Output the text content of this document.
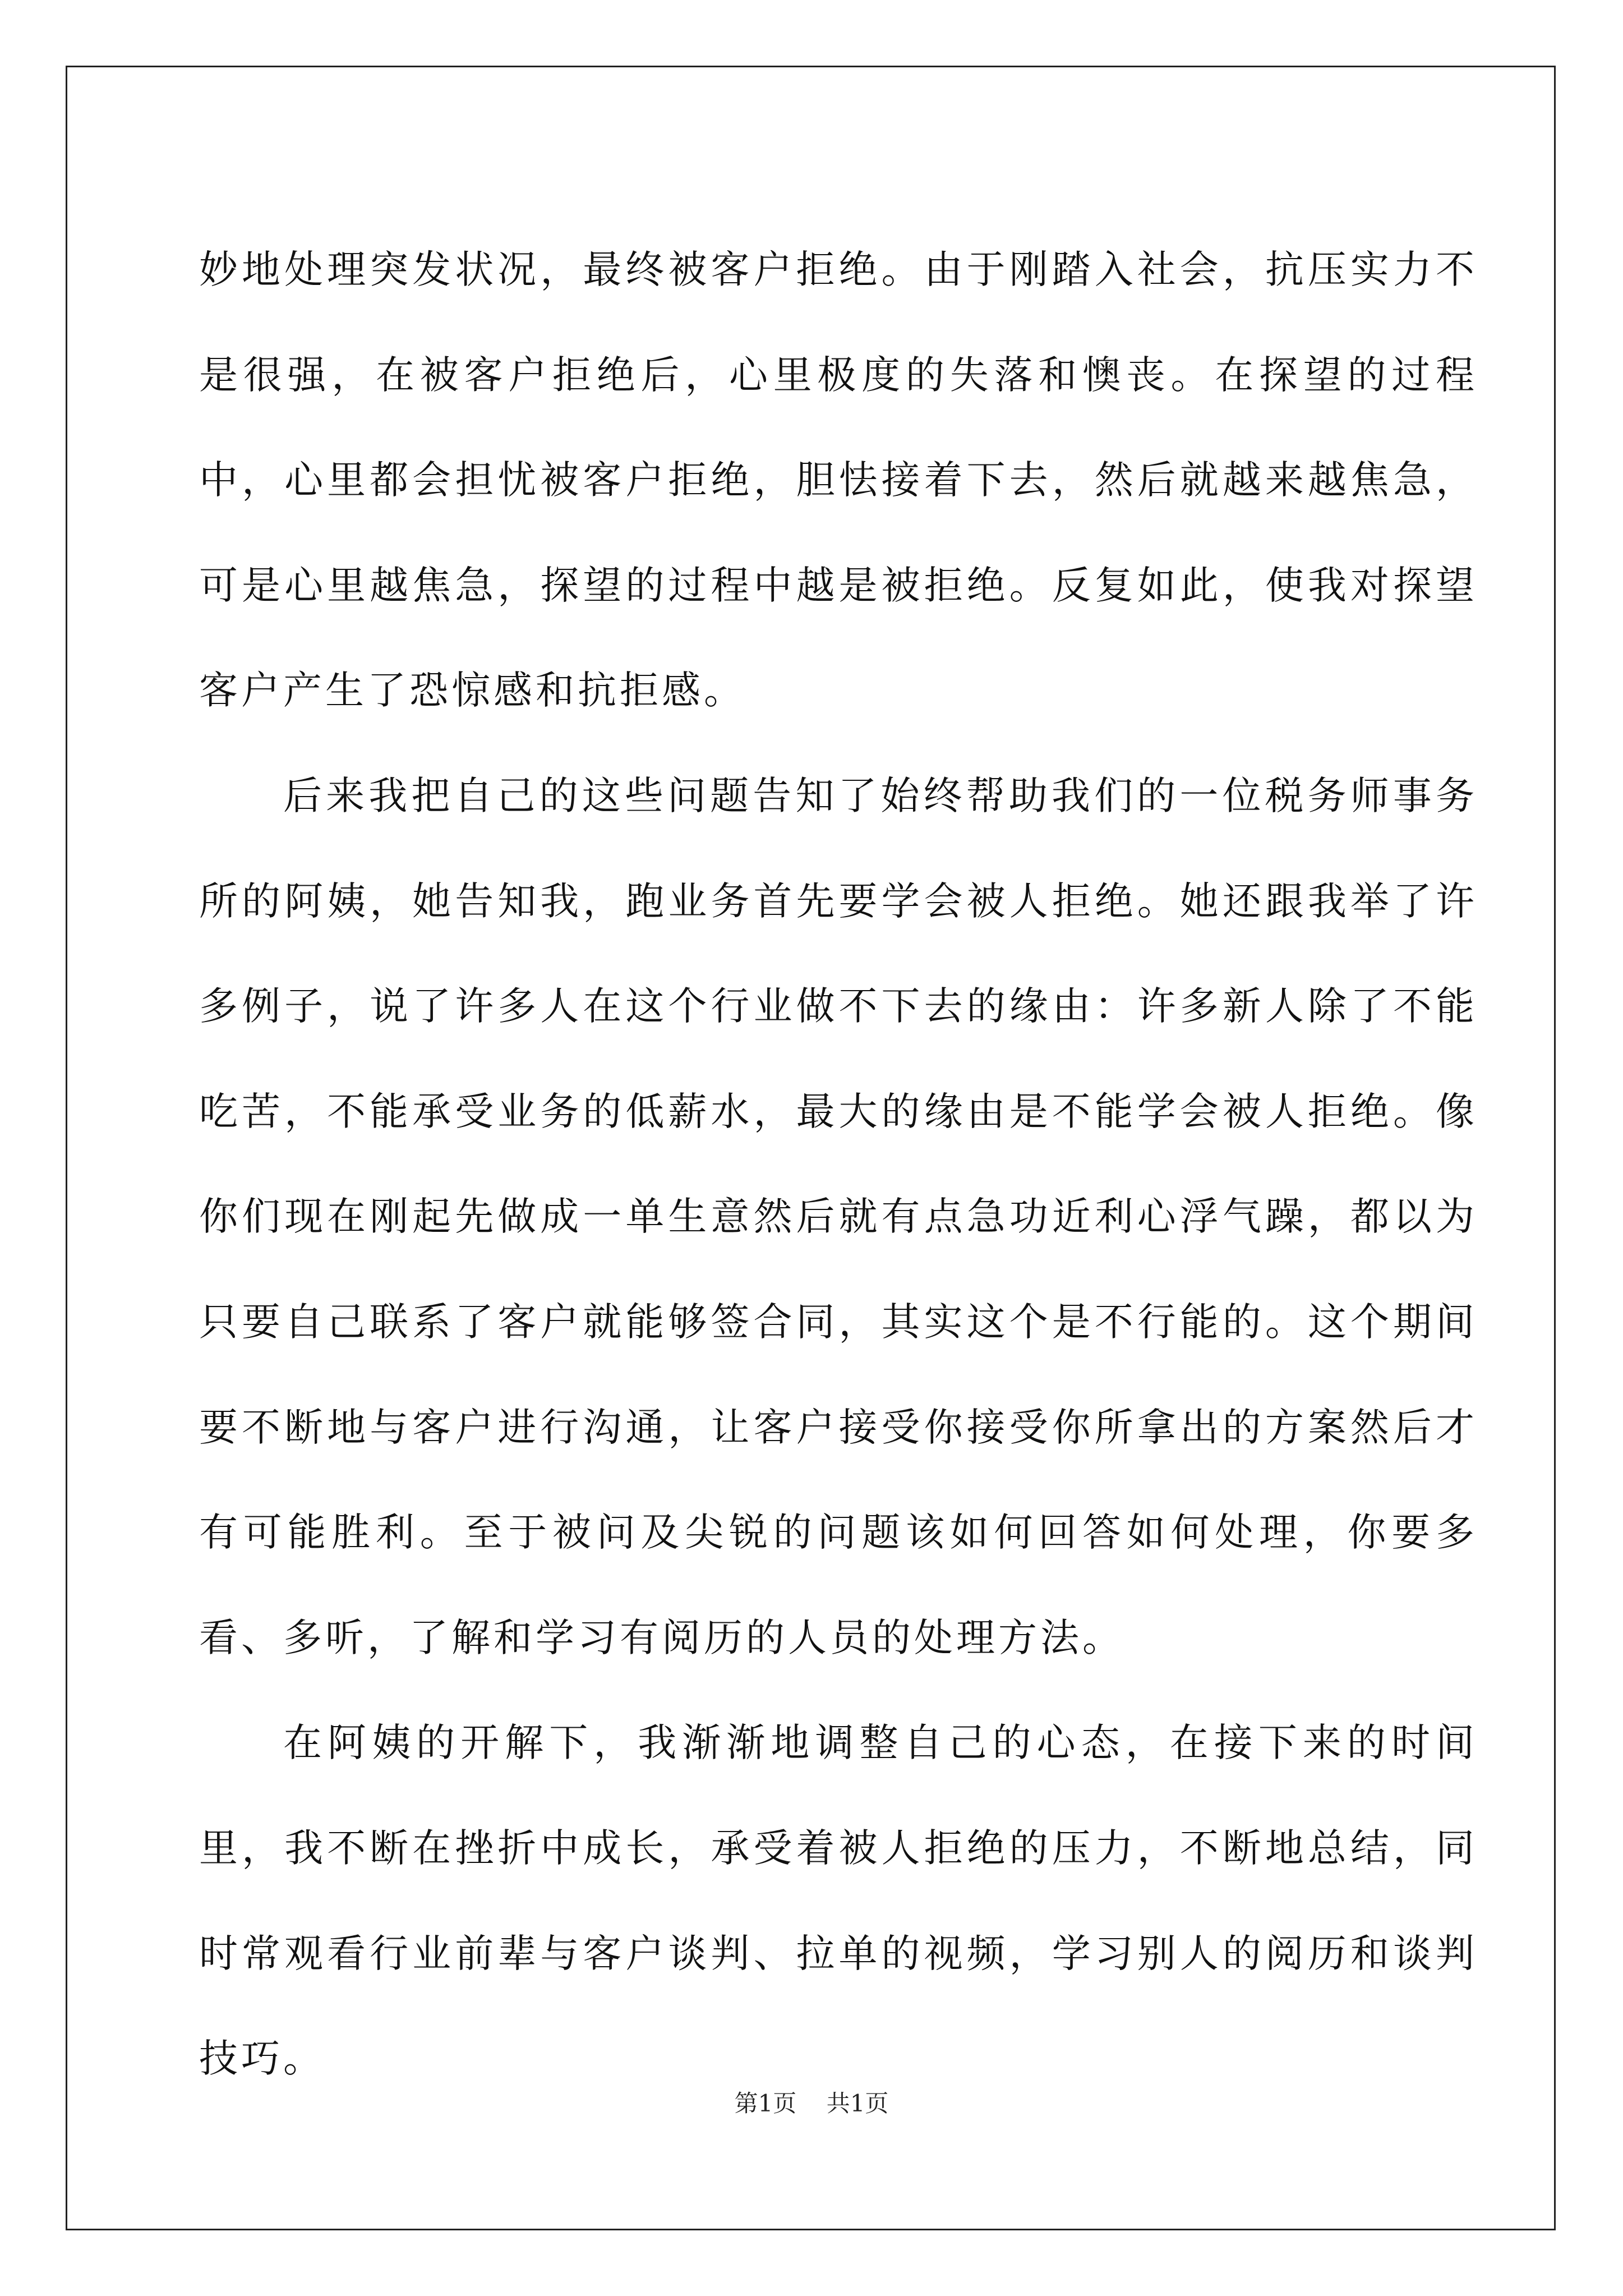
妙地处理突发状况，最终被客户拒绝。由于刚踏入社会，抗压实力不是很强，在被客户拒绝后，心里极度的失落和懊丧。在探望的过程中，心里都会担忧被客户拒绝，胆怯接着下去，然后就越来越焦急，可是心里越焦急，探望的过程中越是被拒绝。反复如此，使我对探望客户产生了恐惊感和抗拒感。

后来我把自己的这些问题告知了始终帮助我们的一位税务师事务所的阿姨，她告知我，跑业务首先要学会被人拒绝。她还跟我举了许多例子，说了许多人在这个行业做不下去的缘由：许多新人除了不能吃苦，不能承受业务的低薪水，最大的缘由是不能学会被人拒绝。像你们现在刚起先做成一单生意然后就有点急功近利心浮气躁，都以为只要自己联系了客户就能够签合同，其实这个是不行能的。这个期间要不断地与客户进行沟通，让客户接受你接受你所拿出的方案然后才有可能胜利。至于被问及尖锐的问题该如何回答如何处理，你要多看、多听，了解和学习有阅历的人员的处理方法。

在阿姨的开解下，我渐渐地调整自己的心态，在接下来的时间里，我不断在挫折中成长，承受着被人拒绝的压力，不断地总结，同时常观看行业前辈与客户谈判、拉单的视频，学习别人的阅历和谈判技巧。

第1页 共1页
